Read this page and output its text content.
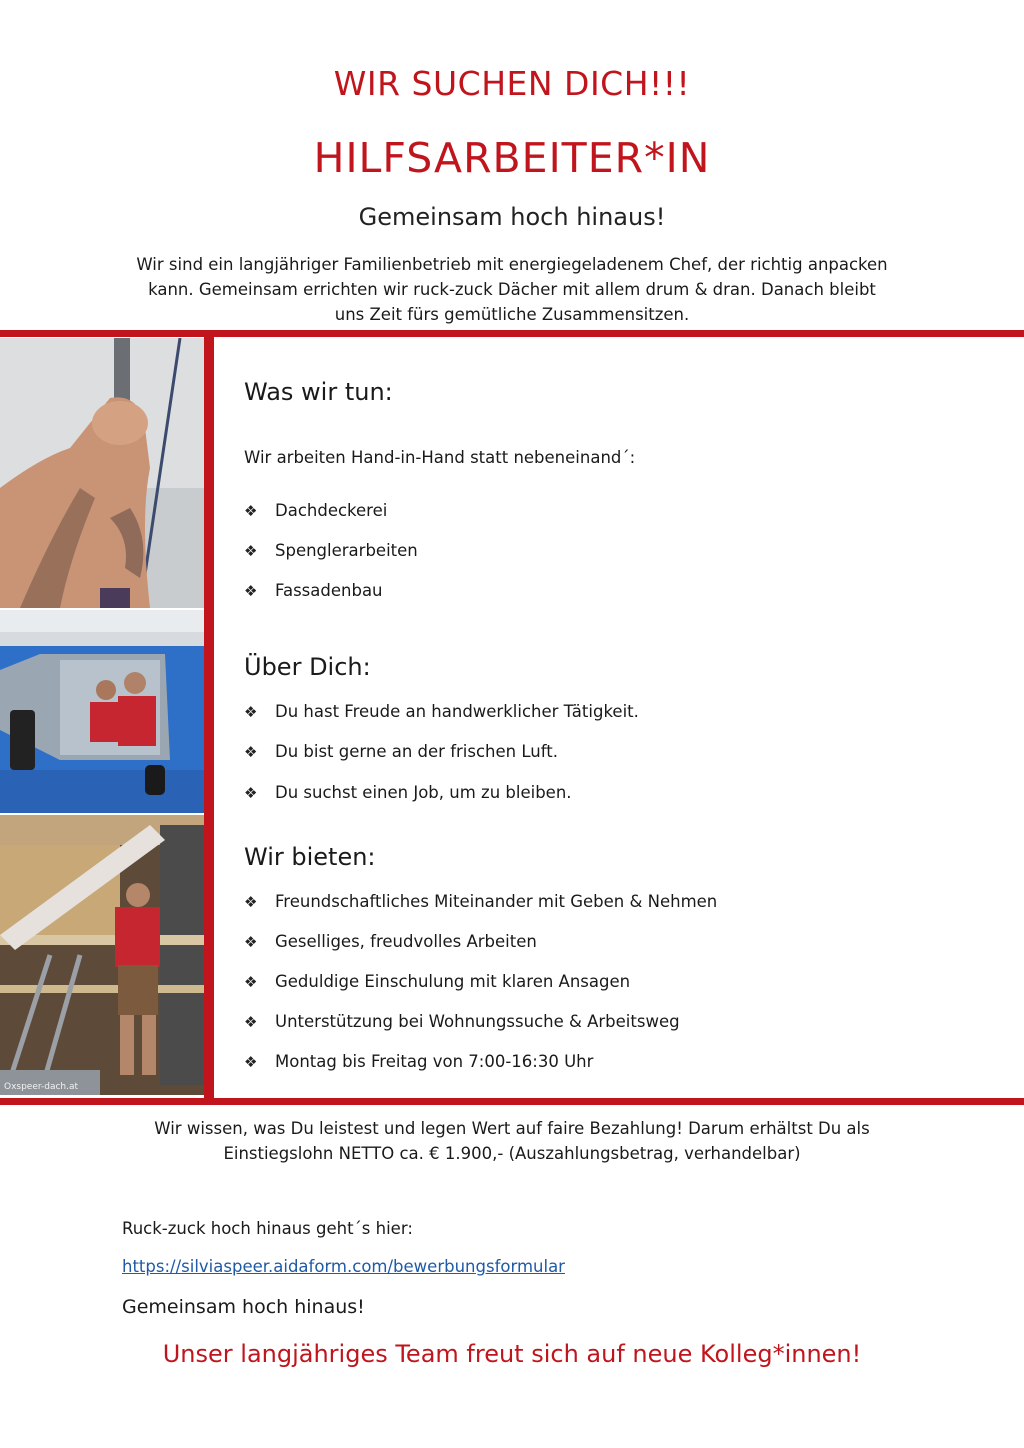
WIR SUCHEN DICH!!!
HILFSARBEITER*IN
Gemeinsam hoch hinaus!
Wir sind ein langjähriger Familienbetrieb mit energiegeladenem Chef, der richtig anpacken
kann. Gemeinsam errichten wir ruck-zuck Dächer mit allem drum & dran. Danach bleibt
uns Zeit fürs gemütliche Zusammensitzen.
Oxspeer-dach.at
Was wir tun:
Wir arbeiten Hand-in-Hand statt nebeneinand´:
❖	Dachdeckerei
❖	Spenglerarbeiten
❖	Fassadenbau
Über Dich:
❖	Du hast Freude an handwerklicher Tätigkeit.
❖	Du bist gerne an der frischen Luft.
❖	Du suchst einen Job, um zu bleiben.
Wir bieten:
❖	Freundschaftliches Miteinander mit Geben & Nehmen
❖	Geselliges, freudvolles Arbeiten
❖	Geduldige Einschulung mit klaren Ansagen
❖	Unterstützung bei Wohnungssuche & Arbeitsweg
❖	Montag bis Freitag von 7:00-16:30 Uhr
Wir wissen, was Du leistest und legen Wert auf faire Bezahlung! Darum erhältst Du als
Einstiegslohn NETTO ca. € 1.900,- (Auszahlungsbetrag, verhandelbar)
Ruck-zuck hoch hinaus geht´s hier:
https://silviaspeer.aidaform.com/bewerbungsformular
Gemeinsam hoch hinaus!
Unser langjähriges Team freut sich auf neue Kolleg*innen!
